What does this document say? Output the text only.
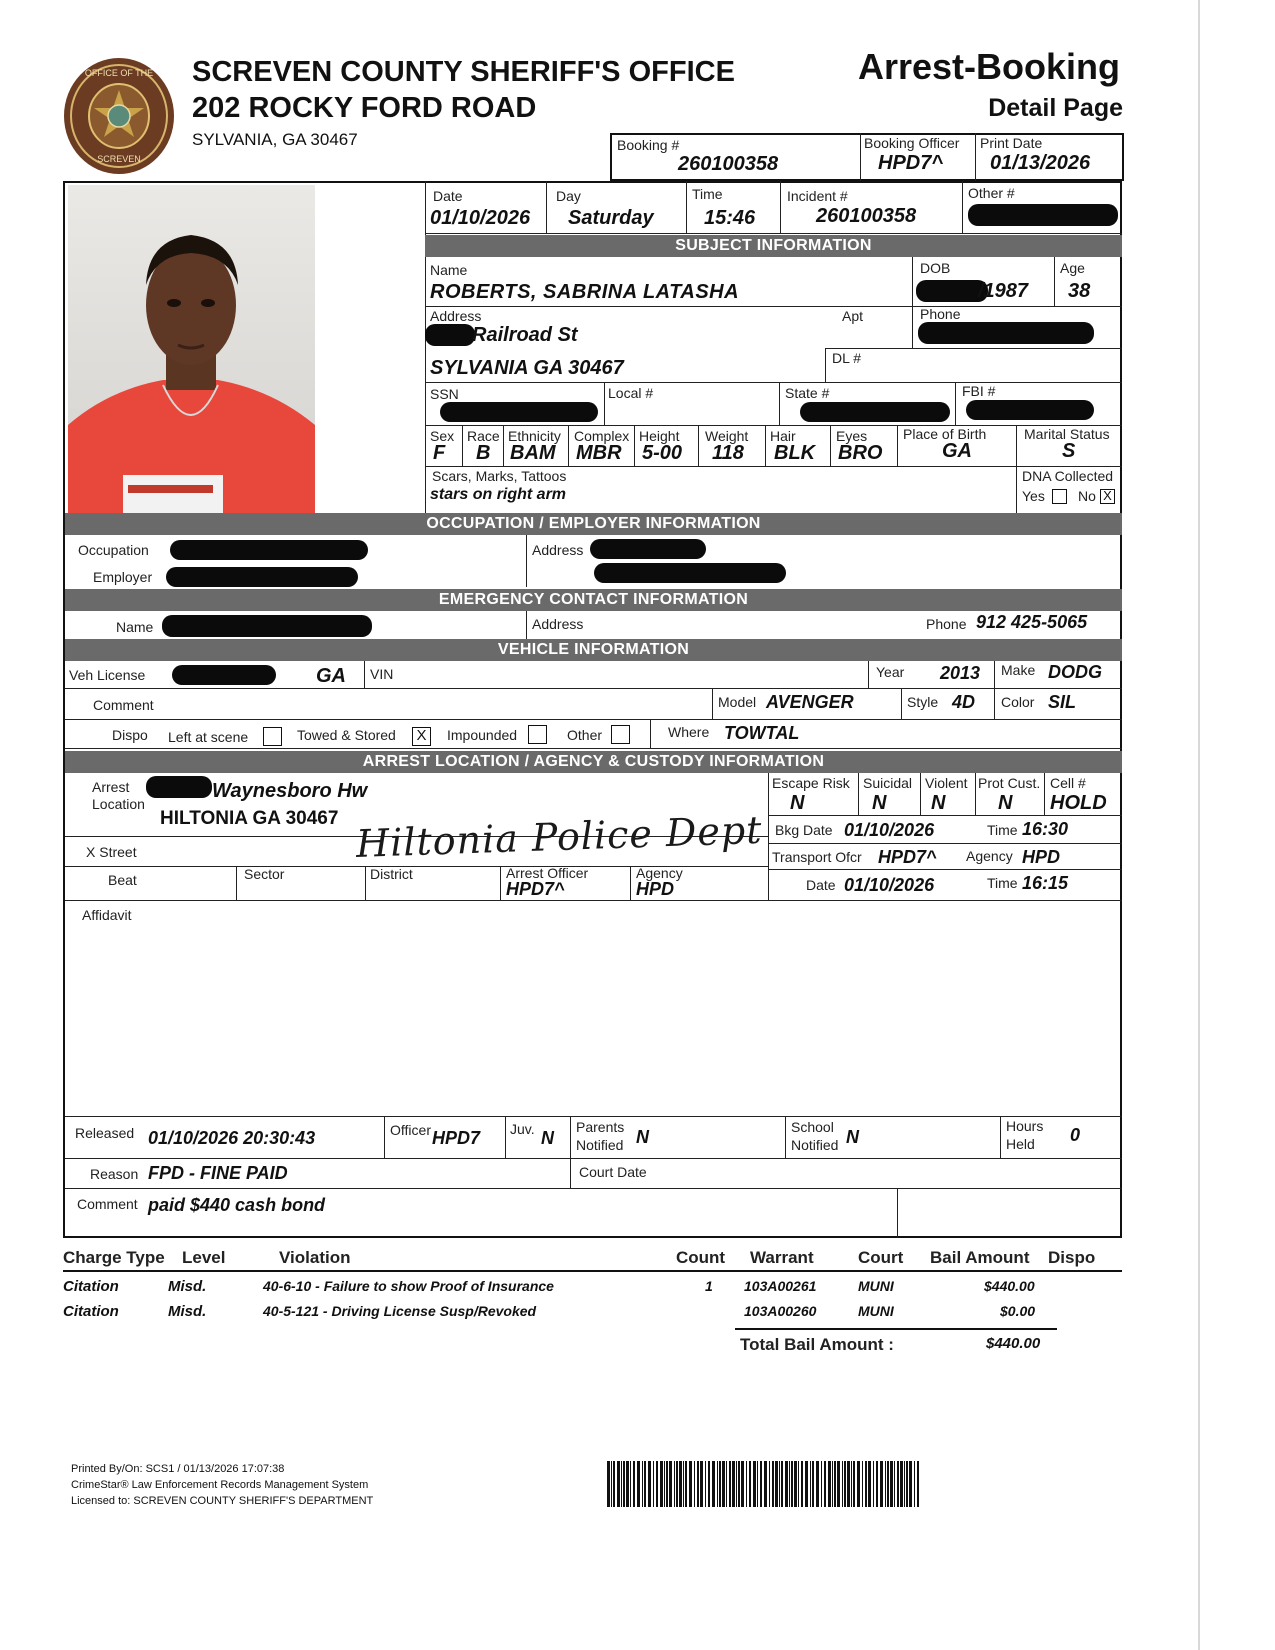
OFFICE OF THE
SCREVEN
SCREVEN COUNTY SHERIFF'S OFFICE
202 ROCKY FORD ROAD
SYLVANIA, GA 30467
Arrest-Booking
Detail Page
Booking #
260100358
Booking Officer
HPD7^
Print Date
01/13/2026
Date
01/10/2026
Day
Saturday
Time
15:46
Incident #
260100358
Other #
SUBJECT INFORMATION
Name
ROBERTS, SABRINA LATASHA
DOB
/1987
Age
38
Address
Railroad St
Apt	Phone
SYLVANIA GA 30467	DL #
SSN	Local #	State #	FBI #
Sex
F
Race
B
Ethnicity
BAM
Complex
MBR
Height
5-00
Weight
118
Hair
BLK
Eyes
BRO
Place of Birth
GA
Marital Status
S
Scars, Marks, Tattoos
stars on right arm
DNA Collected
Yes No X
OCCUPATION / EMPLOYER INFORMATION
Occupation
Employer
Address
EMERGENCY CONTACT INFORMATION
Name	Address	Phone 912 425-5065
VEHICLE INFORMATION
Veh License	GA VIN	Year 2013 Make DODG
Comment	Model AVENGER	Style 4D Color SIL
Dispo Left at scene	Towed & Stored X	Impounded	Other	Where TOWTAL
ARREST LOCATION / AGENCY & CUSTODY INFORMATION
Arrest
Location
Waynesboro Hw
HILTONIA GA 30467
X Street
Beat	Sector	District	Arrest Officer
HPD7^
Agency
HPD
Hiltonia Police Dept
Escape Risk
N
Suicidal
N
Violent
N
Prot Cust.
N
Cell #
HOLD
Bkg Date 01/10/2026	Time 16:30
Transport Ofcr HPD7^ Agency HPD
Date 01/10/2026	Time 16:15
Affidavit
Released 01/10/2026 20:30:43	Officer HPD7 Juv. N
Parents
Notified N	School
Notified N
Hours
Held 0
Reason FPD - FINE PAID	Court Date
Comment paid $440 cash bond
Charge Type Level	Violation	Count Warrant	Court Bail Amount Dispo
Citation	Misd.	40-6-10 - Failure to show Proof of Insurance	1 103A00261	MUNI	$440.00
Citation	Misd.	40-5-121 - Driving License Susp/Revoked	103A00260	MUNI	$0.00
Total Bail Amount :	$440.00
Printed By/On: SCS1 / 01/13/2026 17:07:38
CrimeStar® Law Enforcement Records Management System
Licensed to: SCREVEN COUNTY SHERIFF'S DEPARTMENT
